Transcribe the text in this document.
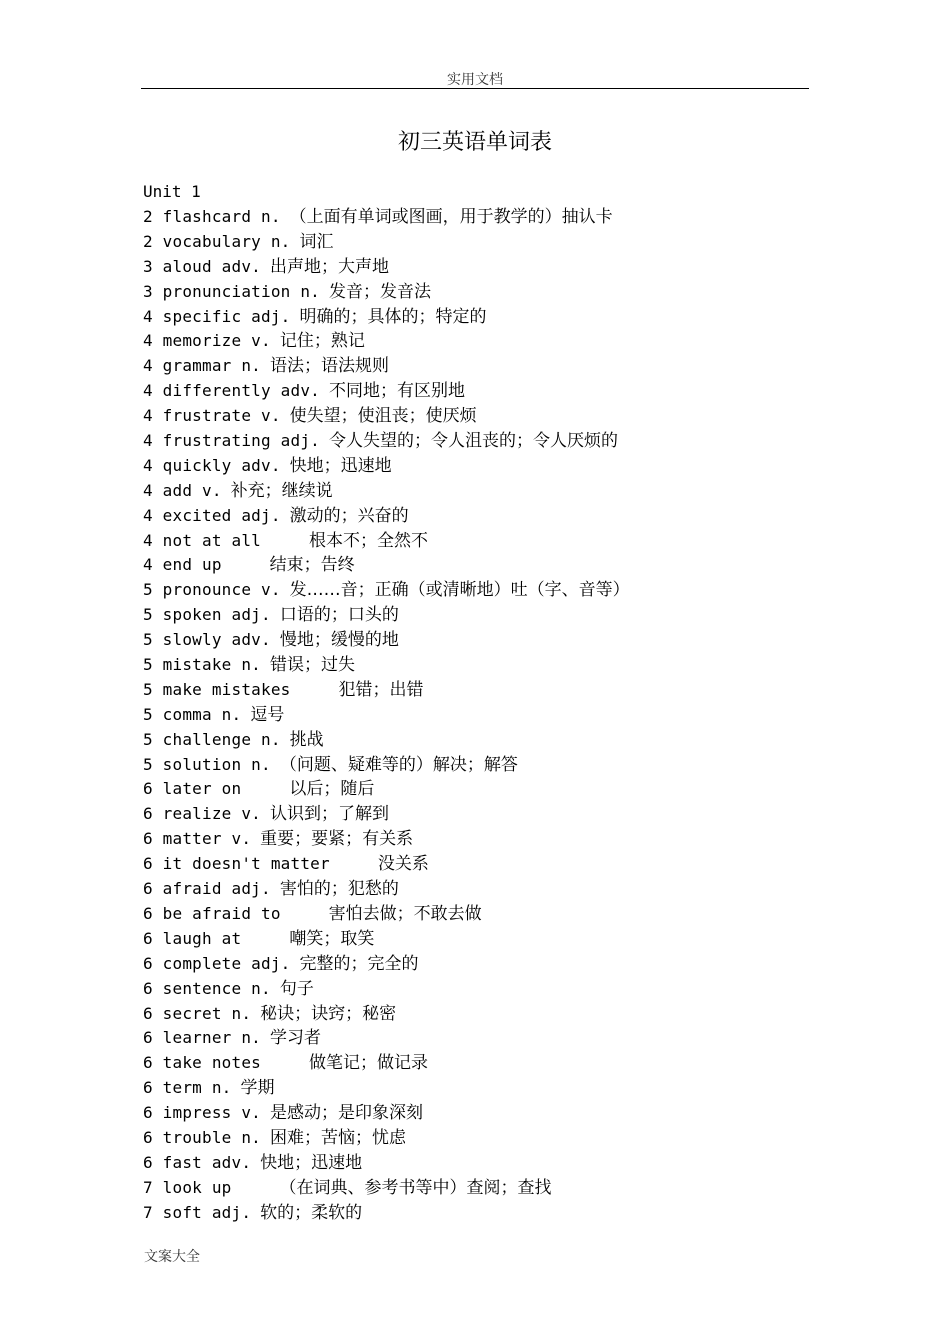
实用文档
初三英语单词表
Unit 1
2 flashcard n. （上面有单词或图画，用于教学的）抽认卡
2 vocabulary n. 词汇
3 aloud adv. 出声地；大声地
3 pronunciation n. 发音；发音法
4 specific adj. 明确的；具体的；特定的
4 memorize v. 记住；熟记
4 grammar n. 语法；语法规则
4 differently adv. 不同地；有区别地
4 frustrate v. 使失望；使沮丧；使厌烦
4 frustrating adj. 令人失望的；令人沮丧的；令人厌烦的
4 quickly adv. 快地；迅速地
4 add v. 补充；继续说
4 excited adj. 激动的；兴奋的
4 not at all	根本不；全然不
4 end up	结束；告终
5 pronounce v. 发……音；正确（或清晰地）吐（字、音等）
5 spoken adj. 口语的；口头的
5 slowly adv. 慢地；缓慢的地
5 mistake n. 错误；过失
5 make mistakes	犯错；出错
5 comma n. 逗号
5 challenge n. 挑战
5 solution n. （问题、疑难等的）解决；解答
6 later on	以后；随后
6 realize v. 认识到；了解到
6 matter v. 重要；要紧；有关系
6 it doesn't matter	没关系
6 afraid adj. 害怕的；犯愁的
6 be afraid to	害怕去做；不敢去做
6 laugh at	嘲笑；取笑
6 complete adj. 完整的；完全的
6 sentence n. 句子
6 secret n. 秘诀；诀窍；秘密
6 learner n. 学习者
6 take notes	做笔记；做记录
6 term n. 学期
6 impress v. 是感动；是印象深刻
6 trouble n. 困难；苦恼；忧虑
6 fast adv. 快地；迅速地
7 look up	（在词典、参考书等中）查阅；查找
7 soft adj. 软的；柔软的
文案大全
